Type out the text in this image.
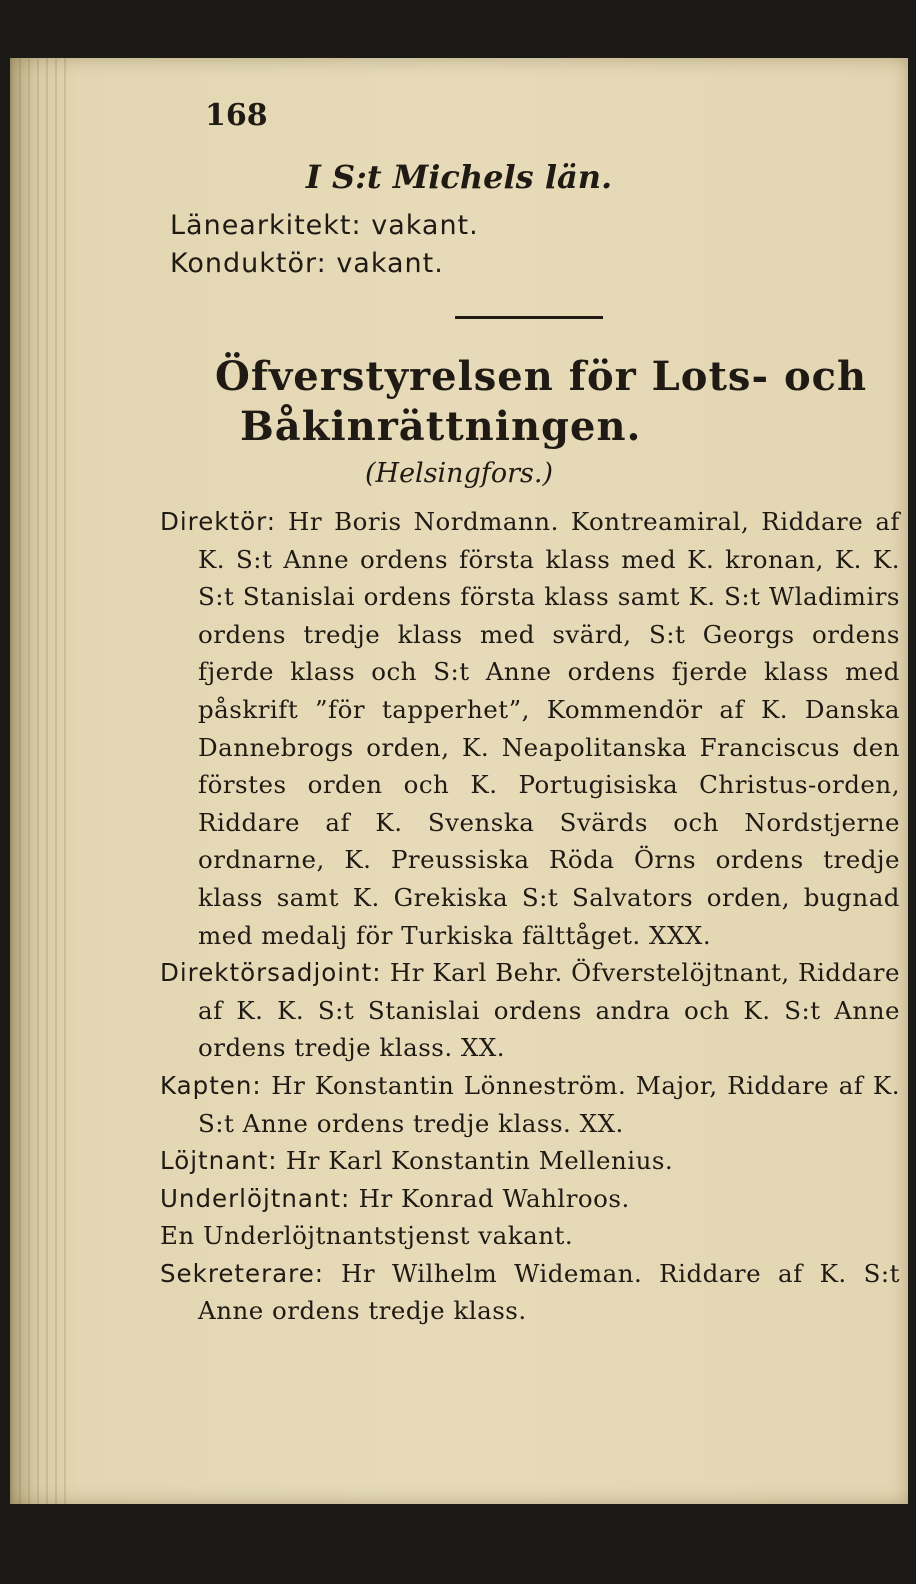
168
I S:t Michels län.
Länearkitekt: vakant.
Konduktör: vakant.
Öfverstyrelsen för Lots- och
Båkinrättningen.
(Helsingfors.)

Direktör: Hr Boris Nordmann. Kontreamiral, Riddare af K. S:t Anne ordens första klass med K. kronan, K. K. S:t Stanislai ordens första klass samt K. S:t Wladimirs ordens tredje klass med svärd, S:t Georgs ordens fjerde klass och S:t Anne ordens fjerde klass med påskrift ”för tapperhet”, Kommendör af K. Danska Dannebrogs orden, K. Neapolitanska Franciscus den förstes orden och K. Portugisiska Christus-orden, Riddare af K. Svenska Svärds och Nordstjerne ordnarne, K. Preussiska Röda Örns ordens tredje klass samt K. Grekiska S:t Salvators orden, bugnad med medalj för Turkiska fälttåget. XXX.

Direktörsadjoint: Hr Karl Behr. Öfverstelöjtnant, Riddare af K. K. S:t Stanislai ordens andra och K. S:t Anne ordens tredje klass. XX.

Kapten: Hr Konstantin Lönneström. Major, Riddare af K. S:t Anne ordens tredje klass. XX.

Löjtnant: Hr Karl Konstantin Mellenius.

Underlöjtnant: Hr Konrad Wahlroos.

En Underlöjtnantstjenst vakant.

Sekreterare: Hr Wilhelm Wideman. Riddare af K. S:t Anne ordens tredje klass.
